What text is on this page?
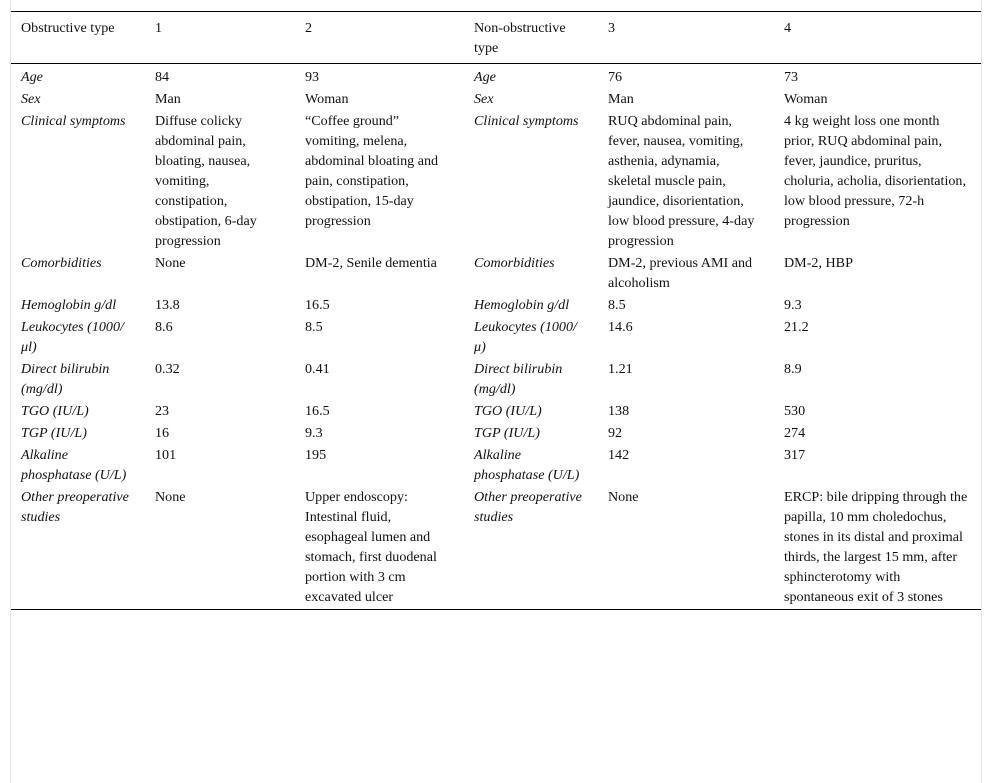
Obstructive type	1	2	Non-obstructive type	3	4
Age	84	93	Age	76	73
Sex	Man	Woman	Sex	Man	Woman
Clinical symptoms	Diffuse colicky abdominal pain, bloating, nausea, vomiting, constipation, obstipation, 6-day progression	“Coffee ground” vomiting, melena, abdominal bloating and pain, constipation, obstipation, 15-day progression	Clinical symptoms	RUQ abdominal pain, fever, nausea, vomiting, asthenia, adynamia, skeletal muscle pain, jaundice, disorientation, low blood pressure, 4-day progression	4 kg weight loss one month prior, RUQ abdominal pain, fever, jaundice, pruritus, choluria, acholia, disorientation, low blood pressure, 72-h progression
Comorbidities	None	DM-2, Senile dementia	Comorbidities	DM-2, previous AMI and alcoholism	DM-2, HBP
Hemoglobin g/dl	13.8	16.5	Hemoglobin g/dl	8.5	9.3
Leukocytes (1000/μl)	8.6	8.5	Leukocytes (1000/μ)	14.6	21.2
Direct bilirubin (mg/dl)	0.32	0.41	Direct bilirubin (mg/dl)	1.21	8.9
TGO (IU/L)	23	16.5	TGO (IU/L)	138	530
TGP (IU/L)	16	9.3	TGP (IU/L)	92	274
Alkaline phosphatase (U/L)	101	195	Alkaline phosphatase (U/L)	142	317
Other preoperative studies	None	Upper endoscopy: Intestinal fluid, esophageal lumen and stomach, first duodenal portion with 3 cm excavated ulcer	Other preoperative studies	None	ERCP: bile dripping through the papilla, 10 mm choledochus, stones in its distal and proximal thirds, the largest 15 mm, after sphincterotomy with spontaneous exit of 3 stones
